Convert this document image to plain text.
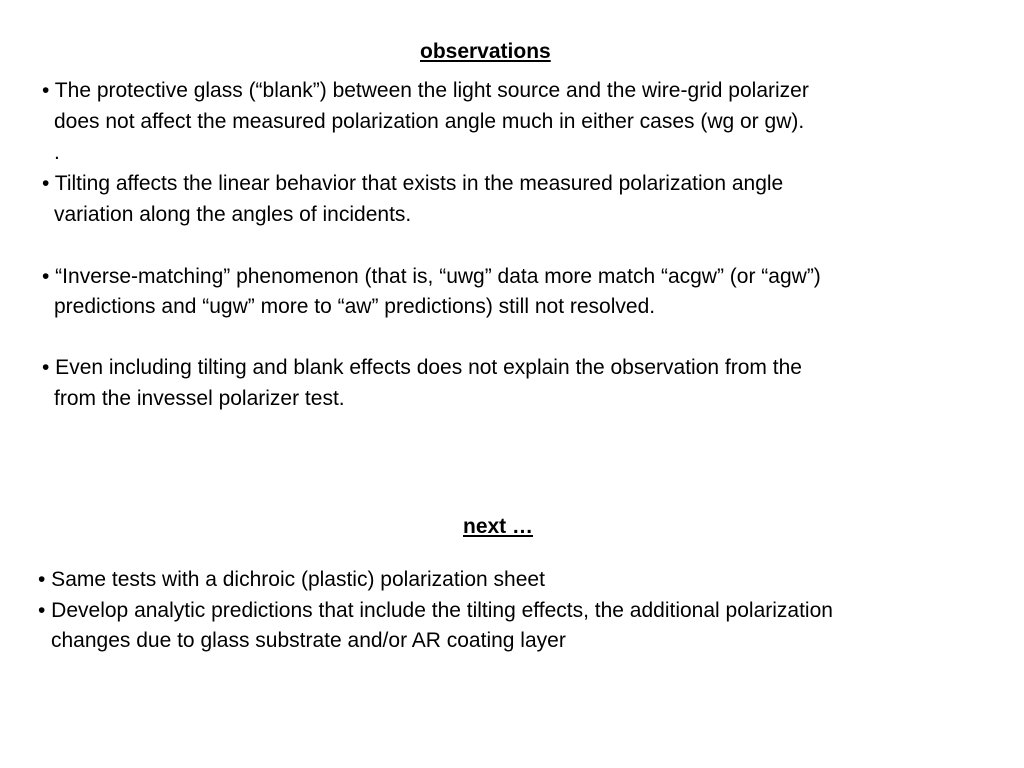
observations
• The protective glass (“blank”) between the light source and the wire-grid polarizer
does not affect the measured polarization angle much in either cases (wg or gw).
.
• Tilting affects the linear behavior that exists in the measured polarization angle
variation along the angles of incidents.
• “Inverse-matching” phenomenon (that is, “uwg” data more match “acgw” (or “agw”)
predictions and “ugw” more to “aw” predictions) still not resolved.
• Even including tilting and blank effects does not explain the observation from the
from the invessel polarizer test.
next …
• Same tests with a dichroic (plastic) polarization sheet
• Develop analytic predictions that include the tilting effects, the additional polarization
changes due to glass substrate and/or AR coating layer
